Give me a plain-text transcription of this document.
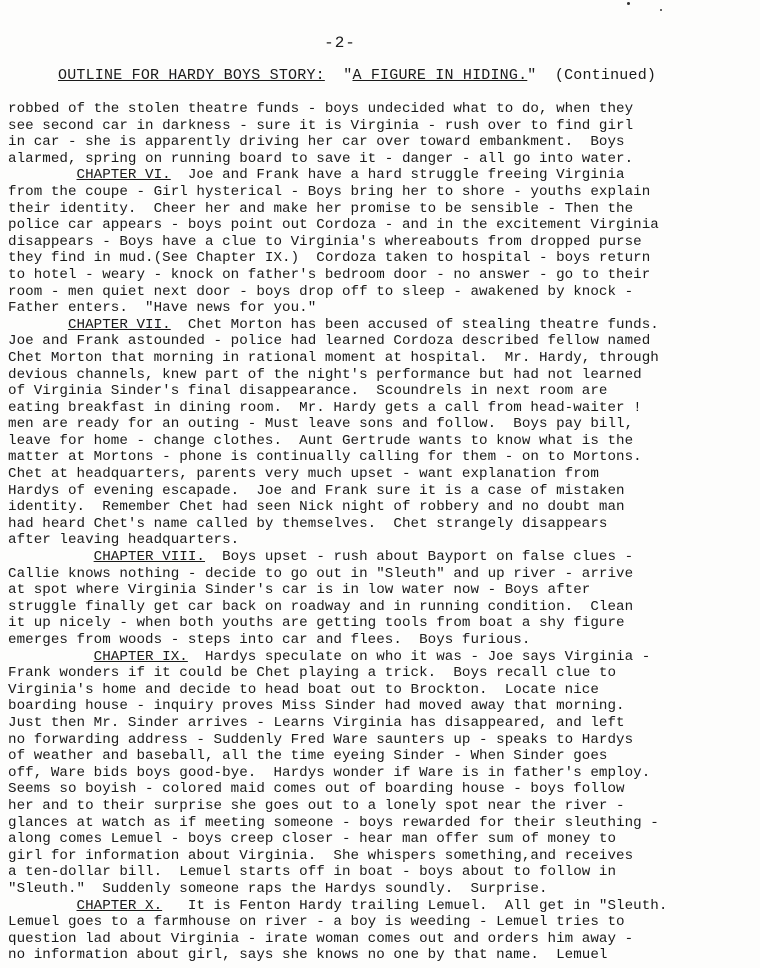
-2-
OUTLINE FOR HARDY BOYS STORY: "A FIGURE IN HIDING." (Continued)
robbed of the stolen theatre funds - boys undecided what to do, when they
see second car in darkness - sure it is Virginia - rush over to find girl
in car - she is apparently driving her car over toward embankment.  Boys
alarmed, spring on running board to save it - danger - all go into water.
CHAPTER VI.  Joe and Frank have a hard struggle freeing Virginia
from the coupe - Girl hysterical - Boys bring her to shore - youths explain
their identity.  Cheer her and make her promise to be sensible - Then the
police car appears - boys point out Cordoza - and in the excitement Virginia
disappears - Boys have a clue to Virginia's whereabouts from dropped purse
they find in mud.(See Chapter IX.)  Cordoza taken to hospital - boys return
to hotel - weary - knock on father's bedroom door - no answer - go to their
room - men quiet next door - boys drop off to sleep - awakened by knock -
Father enters.  "Have news for you."
CHAPTER VII.  Chet Morton has been accused of stealing theatre funds.
Joe and Frank astounded - police had learned Cordoza described fellow named
Chet Morton that morning in rational moment at hospital.  Mr. Hardy, through
devious channels, knew part of the night's performance but had not learned
of Virginia Sinder's final disappearance.  Scoundrels in next room are
eating breakfast in dining room.  Mr. Hardy gets a call from head-waiter !
men are ready for an outing - Must leave sons and follow.  Boys pay bill,
leave for home - change clothes.  Aunt Gertrude wants to know what is the
matter at Mortons - phone is continually calling for them - on to Mortons.
Chet at headquarters, parents very much upset - want explanation from
Hardys of evening escapade.  Joe and Frank sure it is a case of mistaken
identity.  Remember Chet had seen Nick night of robbery and no doubt man
had heard Chet's name called by themselves.  Chet strangely disappears
after leaving headquarters.
CHAPTER VIII.  Boys upset - rush about Bayport on false clues -
Callie knows nothing - decide to go out in "Sleuth" and up river - arrive
at spot where Virginia Sinder's car is in low water now - Boys after
struggle finally get car back on roadway and in running condition.  Clean
it up nicely - when both youths are getting tools from boat a shy figure
emerges from woods - steps into car and flees.  Boys furious.
CHAPTER IX.  Hardys speculate on who it was - Joe says Virginia -
Frank wonders if it could be Chet playing a trick.  Boys recall clue to
Virginia's home and decide to head boat out to Brockton.  Locate nice
boarding house - inquiry proves Miss Sinder had moved away that morning.
Just then Mr. Sinder arrives - Learns Virginia has disappeared, and left
no forwarding address - Suddenly Fred Ware saunters up - speaks to Hardys
of weather and baseball, all the time eyeing Sinder - When Sinder goes
off, Ware bids boys good-bye.  Hardys wonder if Ware is in father's employ.
Seems so boyish - colored maid comes out of boarding house - boys follow
her and to their surprise she goes out to a lonely spot near the river -
glances at watch as if meeting someone - boys rewarded for their sleuthing -
along comes Lemuel - boys creep closer - hear man offer sum of money to
girl for information about Virginia.  She whispers something,and receives
a ten-dollar bill.  Lemuel starts off in boat - boys about to follow in
"Sleuth."  Suddenly someone raps the Hardys soundly.  Surprise.
CHAPTER X.   It is Fenton Hardy trailing Lemuel.  All get in "Sleuth.
Lemuel goes to a farmhouse on river - a boy is weeding - Lemuel tries to
question lad about Virginia - irate woman comes out and orders him away -
no information about girl, says she knows no one by that name.  Lemuel
